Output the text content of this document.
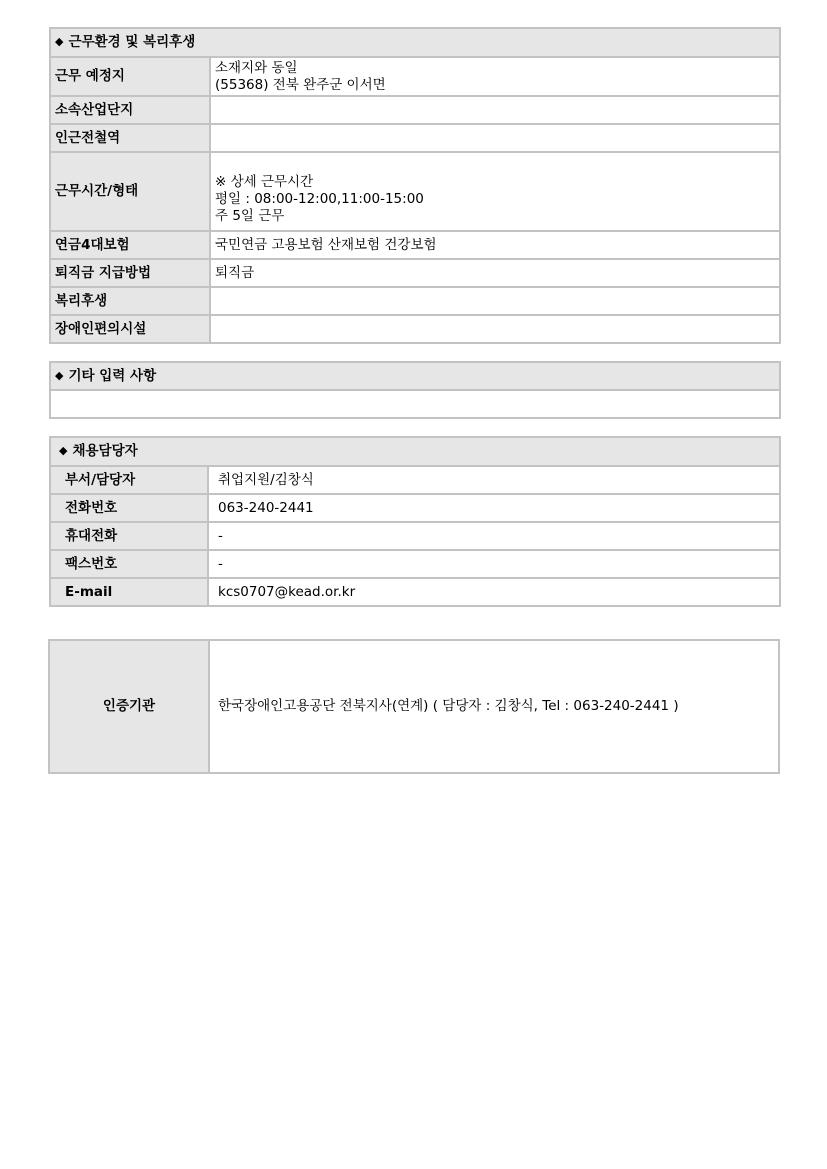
◆ 근무환경 및 복리후생	
근무 예정지	소재지와 동일
(55368) 전북 완주군 이서면

소속산업단지	
인근전철역	
근무시간/형태	※ 상세 근무시간
평일 : 08:00-12:00,11:00-15:00
주 5일 근무

연금4대보험	국민연금 고용보험 산재보험 건강보험
퇴직금 지급방법	퇴직금
복리후생	
장애인편의시설	
◆ 기타 입력 사항

◆ 채용담당자	
부서/담당자	취업지원/김창식
전화번호	063-240-2441
휴대전화	-
팩스번호	-
E-mail	kcs0707@kead.or.kr
인증기관	한국장애인고용공단 전북지사(연계) ( 담당자 : 김창식, Tel : 063-240-2441 )
